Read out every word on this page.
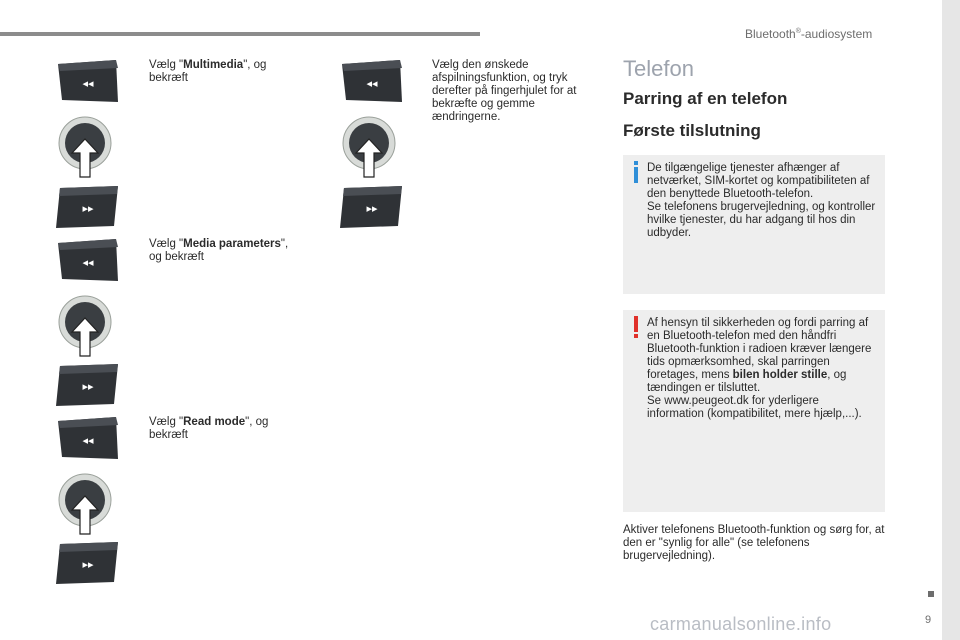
Bluetooth®-audiosystem
9
◂◂
▸▸
Vælg "Multimedia", og bekræft
◂◂
▸▸
Vælg "Media parameters", og bekræft
◂◂
▸▸
Vælg "Read mode", og bekræft
◂◂
▸▸
Vælg den ønskede afspilningsfunktion, og tryk derefter på fingerhjulet for at bekræfte og gemme ændringerne.
Telefon
Parring af en telefon
Første tilslutning
De tilgængelige tjenester afhænger af netværket, SIM-kortet og kompatibiliteten af den benyttede Bluetooth-telefon.
Se telefonens brugervejledning, og kontroller hvilke tjenester, du har adgang til hos din udbyder.
Af hensyn til sikkerheden og fordi parring af en Bluetooth-telefon med den håndfri Bluetooth-funktion i radioen kræver længere tids opmærksomhed, skal parringen foretages, mens bilen holder stille, og tændingen er tilsluttet.
Se www.peugeot.dk for yderligere information (kompatibilitet, mere hjælp,...).
Aktiver telefonens Bluetooth-funktion og sørg for, at den er "synlig for alle" (se telefonens brugervejledning).
carmanualsonline.info
